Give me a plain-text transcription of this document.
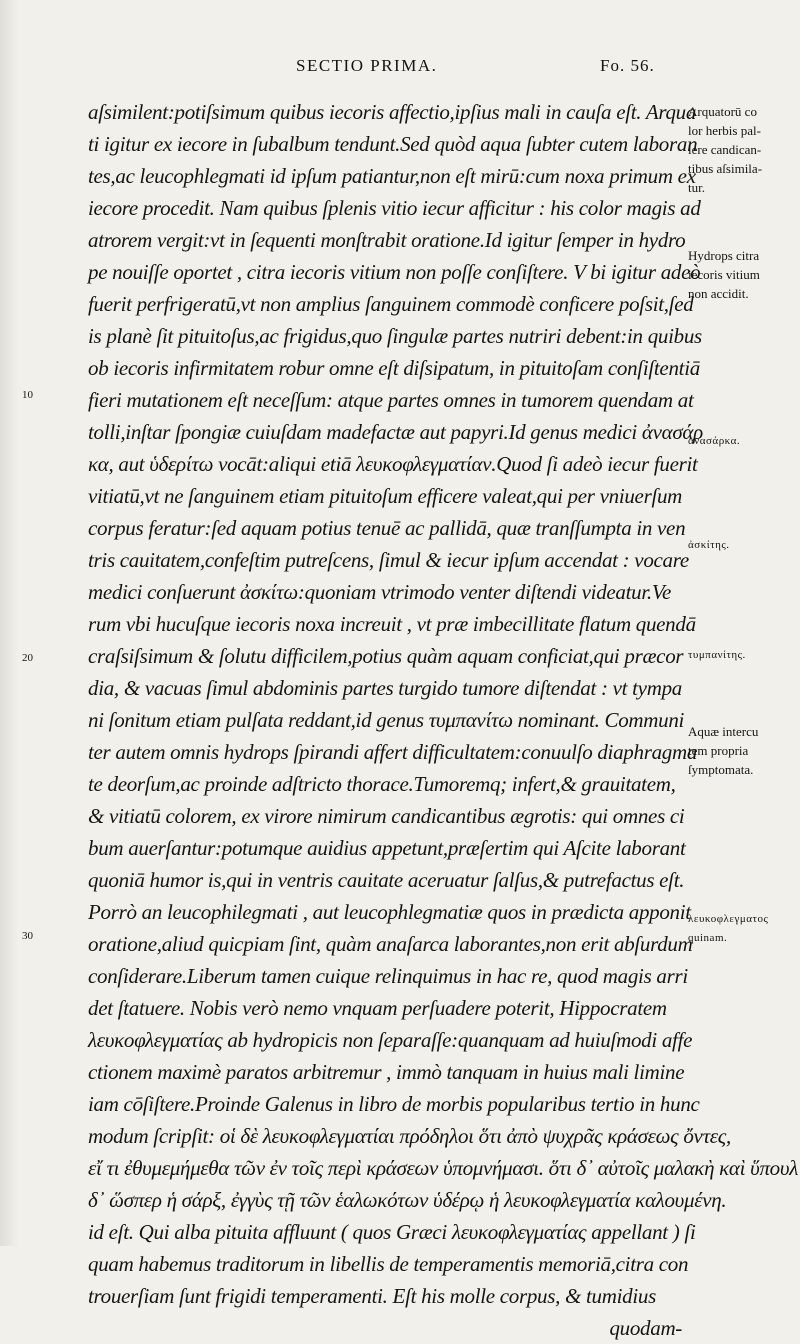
SECTIO PRIMA.	Fo. 56.
aſsimilent:potiſsimum quibus iecoris affectio,ipſius mali in cauſa eſt. Arqua
ti igitur ex iecore in ſubalbum tendunt.Sed quòd aqua ſubter cutem laboran
tes,ac leucophlegmati id ipſum patiantur,non eſt mirū:cum noxa primum ex
iecore procedit. Nam quibus ſplenis vitio iecur afficitur : his color magis ad
atrorem vergit:vt in ſequenti monſtrabit oratione.Id igitur ſemper in hydro
pe nouiſſe oportet , citra iecoris vitium non poſſe conſiſtere. V bi igitur adeò
fuerit perfrigeratū,vt non amplius ſanguinem commodè conficere poſsit,ſed
is planè ſit pituitoſus,ac frigidus,quo ſingulæ partes nutriri debent:in quibus
ob iecoris infirmitatem robur omne eſt diſsipatum, in pituitoſam conſiſtentiā
fieri mutationem eſt neceſſum: atque partes omnes in tumorem quendam at
tolli,inſtar ſpongiæ cuiuſdam madefactæ aut papyri.Id genus medici ἀνασάρ
κα, aut ὑδερίτω vocāt:aliqui etiā λευκοφλεγματίαν.Quod ſi adeò iecur fuerit
vitiatū,vt ne ſanguinem etiam pituitoſum efficere valeat,qui per vniuerſum
corpus feratur:ſed aquam potius tenuē ac pallidā, quæ tranſſumpta in ven
tris cauitatem,confeſtim putreſcens, ſimul & iecur ipſum accendat : vocare
medici conſuerunt ἀσκίτω:quoniam vtrimodo venter diſtendi videatur.Ve
rum vbi hucuſque iecoris noxa increuit , vt præ imbecillitate flatum quendā
craſsiſsimum & ſolutu difficilem,potius quàm aquam conficiat,qui præcor
dia, & vacuas ſimul abdominis partes turgido tumore diſtendat : vt tympa
ni ſonitum etiam pulſata reddant,id genus τυμπανίτω nominant. Communi
ter autem omnis hydrops ſpirandi affert difficultatem:conuulſo diaphragma
te deorſum,ac proinde adſtricto thorace.Tumoremq; infert,& grauitatem,
& vitiatū colorem, ex virore nimirum candicantibus ægrotis: qui omnes ci
bum auerſantur:potumque auidius appetunt,præſertim qui Aſcite laborant
quoniā humor is,qui in ventris cauitate aceruatur ſalſus,& putrefactus eſt.
Porrò an leucophilegmati , aut leucophlegmatiæ quos in prædicta apponit
oratione,aliud quicpiam ſint, quàm anaſarca laborantes,non erit abſurdum
conſiderare.Liberum tamen cuique relinquimus in hac re, quod magis arri
det ſtatuere. Nobis verò nemo vnquam perſuadere poterit, Hippocratem
λευκοφλεγματίας ab hydropicis non ſeparaſſe:quanquam ad huiuſmodi affe
ctionem maximè paratos arbitremur , immò tanquam in huius mali limine
iam cōſiſtere.Proinde Galenus in libro de morbis popularibus tertio in hunc
modum ſcripſit: οἱ δὲ λευκοφλεγματίαι πρόδηλοι ὅτι ἀπὸ ψυχρᾶς κράσεως ὄντες,
εἴ τι ἐθυμεμήμεθα τῶν ἐν τοῖς περὶ κράσεων ὑπομνήμασι. ὅτι δ᾽ αὐτοῖς μαλακὴ καὶ ὕπουλ
δ᾽ ὥσπερ ἡ σάρξ, ἐγγὺς τῇ τῶν ἑαλωκότων ὑδέρῳ ἡ λευκοφλεγματία καλουμένη.
id eſt. Qui alba pituita affluunt ( quos Græci λευκοφλεγματίας appellant ) ſi
quam habemus traditorum in libellis de temperamentis memoriā,citra con
trouerſiam ſunt frigidi temperamenti. Eſt his molle corpus, & tumidius
quodam-
10
20
30
Arquatorū co
lor herbis pal-
lere candican-
tibus aſsimila-
tur.
Hydrops citra
iecoris vitium
non accidit.
ἀνασάρκα.
ἀσκίτης.
τυμπανίτης.
Aquæ intercu
tem propria
ſymptomata.
λευκοφλεγματος
quinam.
